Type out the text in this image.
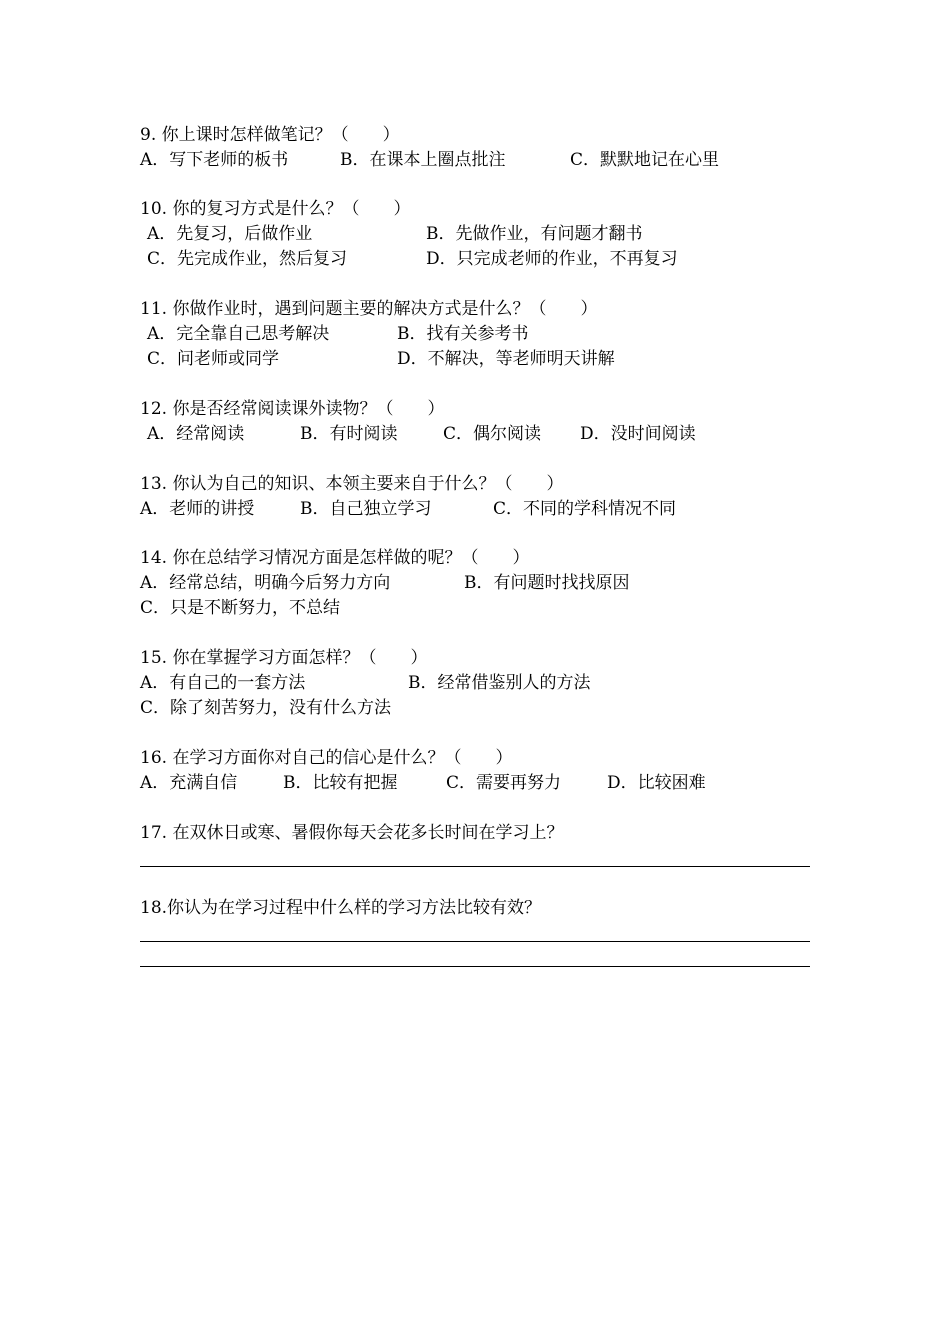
9. 你上课时怎样做笔记？（　　）
A．写下老师的板书	B．在课本上圈点批注	C．默默地记在心里
10. 你的复习方式是什么？（　　）
A．先复习，后做作业	B．先做作业，有问题才翻书
C．先完成作业，然后复习	D．只完成老师的作业，不再复习
11. 你做作业时，遇到问题主要的解决方式是什么？（　　）
A．完全靠自己思考解决	B．找有关参考书
C．问老师或同学	D．不解决，等老师明天讲解
12. 你是否经常阅读课外读物？（　　）
A．经常阅读	B．有时阅读	C．偶尔阅读 D．没时间阅读
13. 你认为自己的知识、本领主要来自于什么？（　　）
A．老师的讲授	B．自己独立学习	C．不同的学科情况不同
14. 你在总结学习情况方面是怎样做的呢？（　　）
A．经常总结，明确今后努力方向	B．有问题时找找原因
C．只是不断努力，不总结
15. 你在掌握学习方面怎样？（　　）
A．有自己的一套方法	B．经常借鉴别人的方法
C．除了刻苦努力，没有什么方法
16. 在学习方面你对自己的信心是什么？（　　）
A．充满自信	B．比较有把握	C．需要再努力	D．比较困难
17. 在双休日或寒、暑假你每天会花多长时间在学习上？
18.你认为在学习过程中什么样的学习方法比较有效？
